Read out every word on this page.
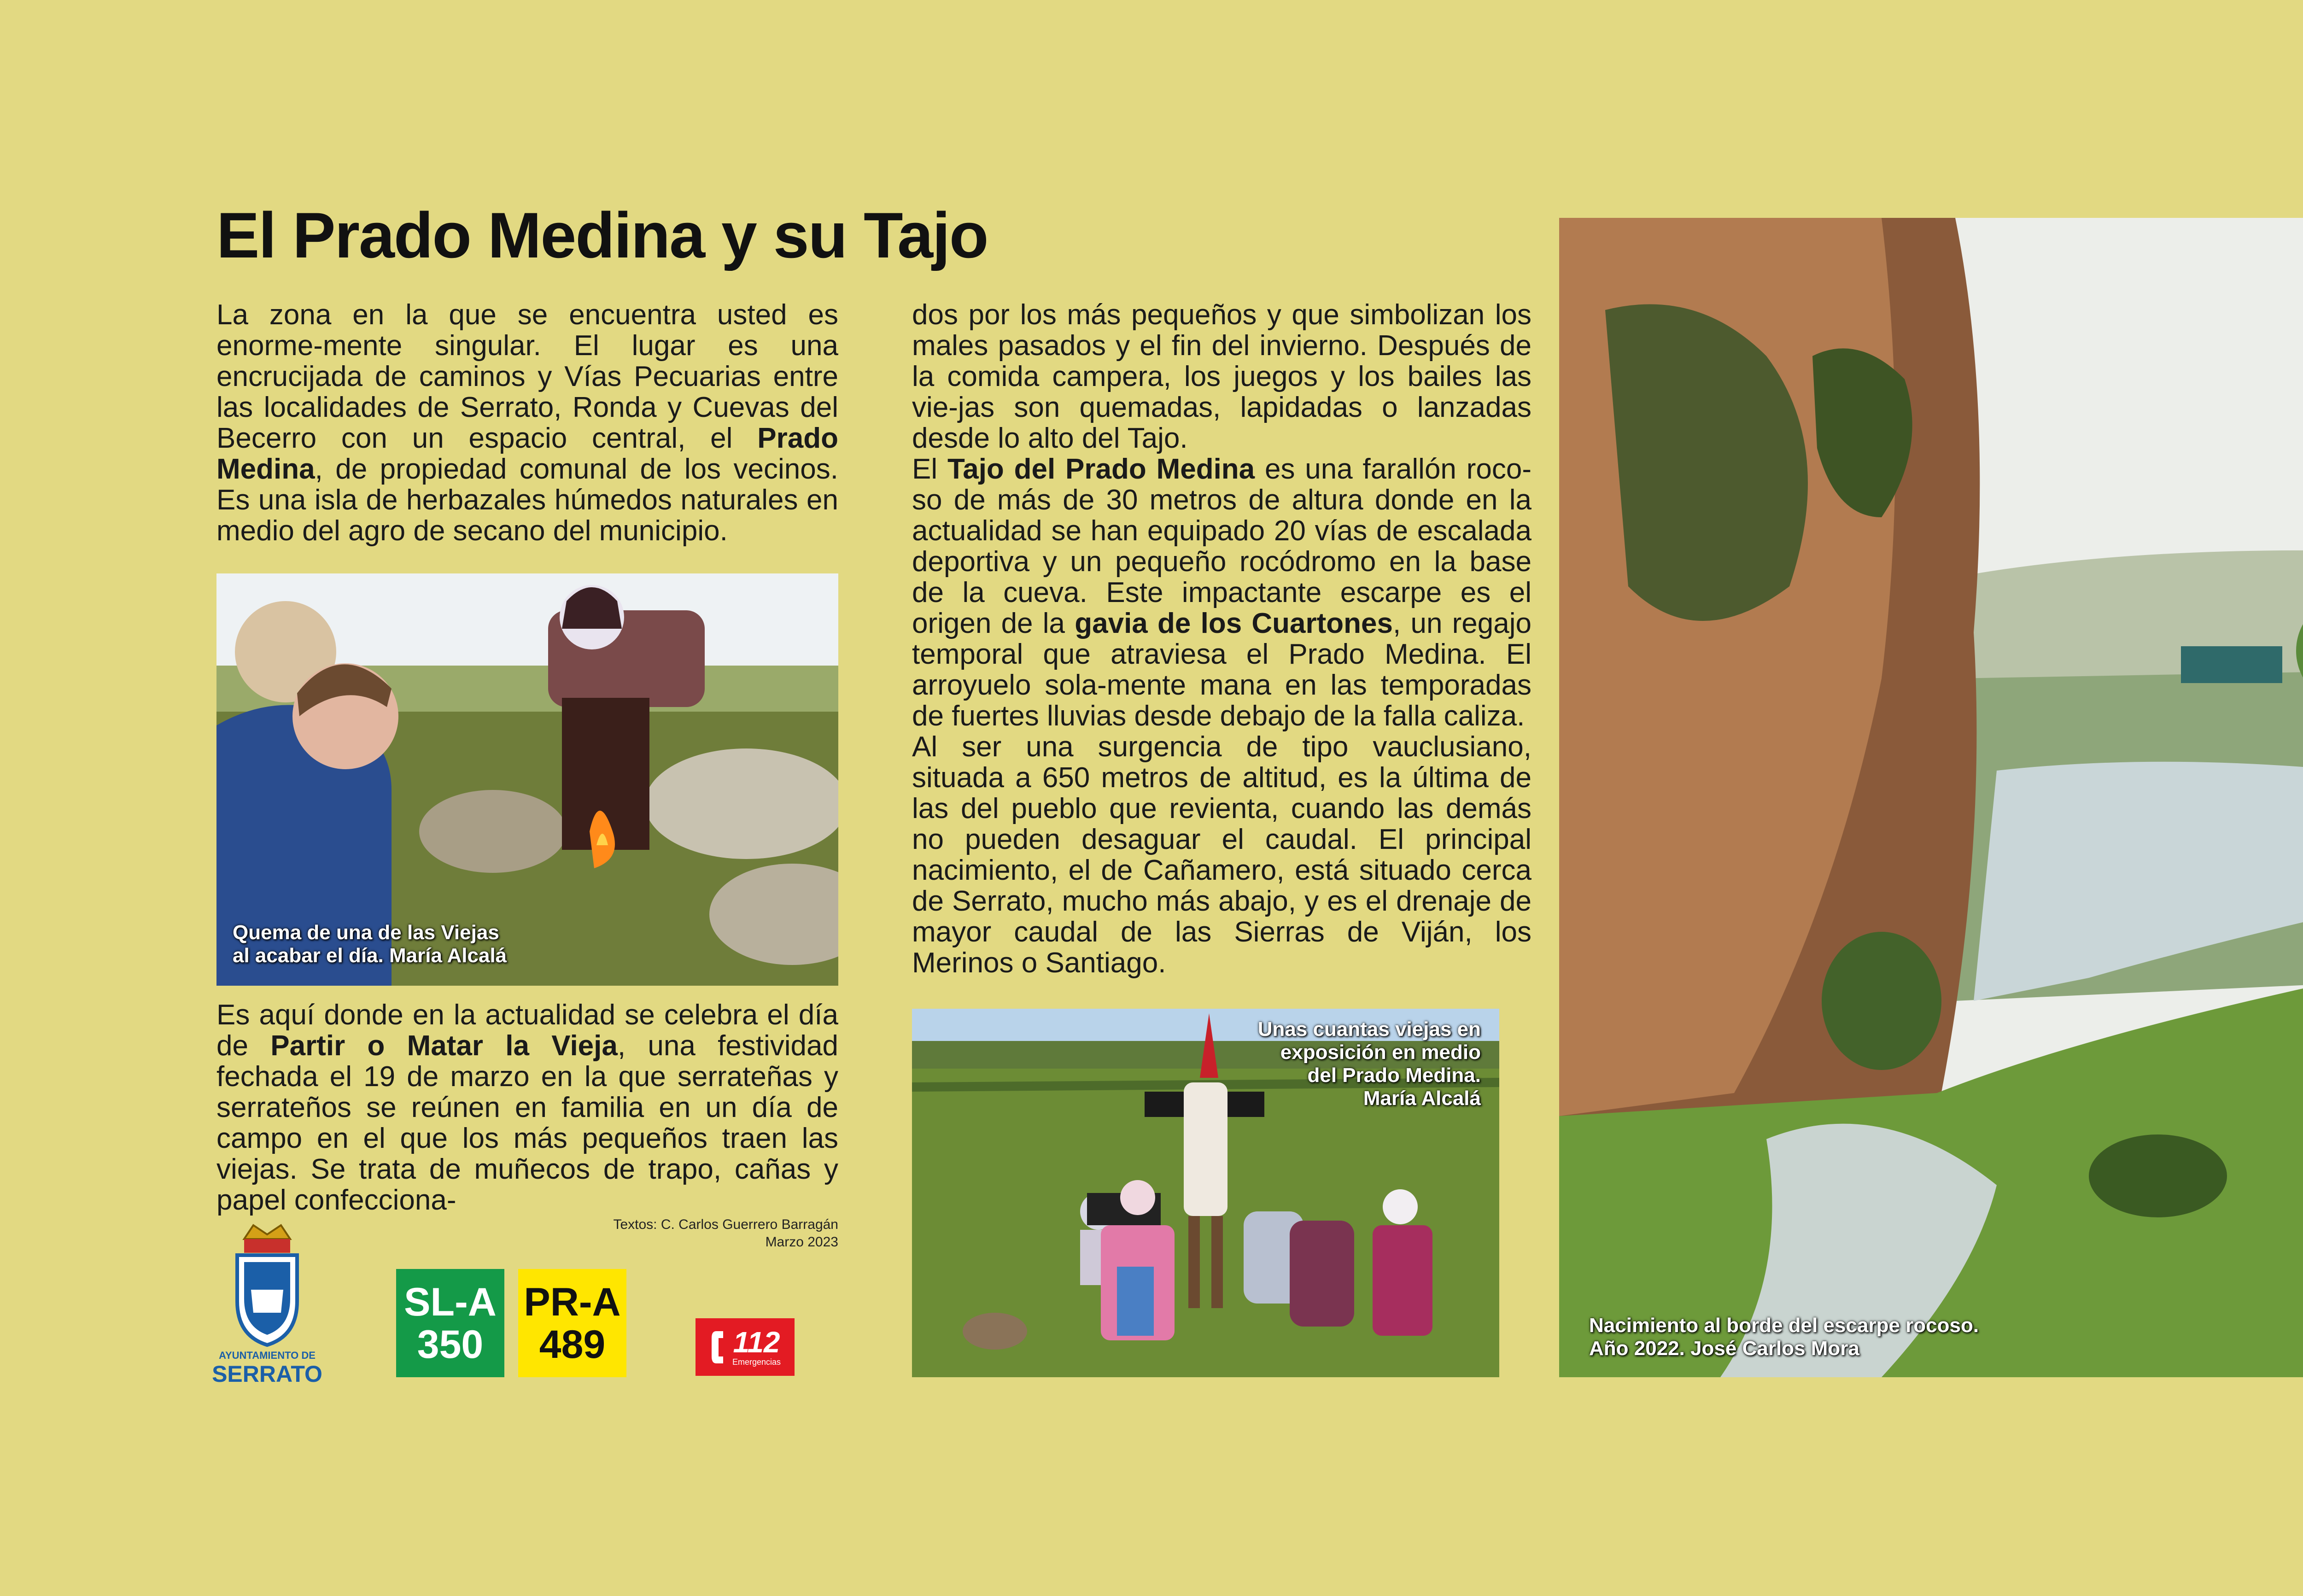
El Prado Medina y su Tajo

La zona en la que se encuentra usted es enorme-mente singular. El lugar es una encrucijada de caminos y Vías Pecuarias entre las localidades de Serrato, Ronda y Cuevas del Becerro con un espacio central, el Prado Medina, de propiedad comunal de los vecinos. Es una isla de herbazales húmedos naturales en medio del agro de secano del municipio.

Quema de una de las Viejas
al acabar el día. María Alcalá

Es aquí donde en la actualidad se celebra el día de Partir o Matar la Vieja, una festividad fechada el 19 de marzo en la que serrateñas y serrateños se reúnen en familia en un día de campo en el que los más pequeños traen las viejas. Se trata de muñecos de trapo, cañas y papel confecciona-

Textos: C. Carlos Guerrero Barragán
Marzo 2023
AYUNTAMIENTO DE
SERRATO
SL-A
350
PR-A
489	112
Emergencias

dos por los más pequeños y que simbolizan los males pasados y el fin del invierno. Después de la comida campera, los juegos y los bailes las vie-jas son quemadas, lapidadas o lanzadas desde lo alto del Tajo.

El Tajo del Prado Medina es una farallón roco-so de más de 30 metros de altura donde en la actualidad se han equipado 20 vías de escalada deportiva y un pequeño rocódromo en la base de la cueva. Este impactante escarpe es el origen de la gavia de los Cuartones, un regajo temporal que atraviesa el Prado Medina. El arroyuelo sola-mente mana en las temporadas de fuertes lluvias desde debajo de la falla caliza.

Al ser una surgencia de tipo vauclusiano, situada a 650 metros de altitud, es la última de las del pueblo que revienta, cuando las demás no pueden desaguar el caudal. El principal nacimiento, el de Cañamero, está situado cerca de Serrato, mucho más abajo, y es el drenaje de mayor caudal de las Sierras de Viján, los Merinos o Santiago.

Unas cuantas viejas en
exposición en medio
del Prado Medina.
María Alcalá
Nacimiento al borde del escarpe rocoso.
Año 2022. José Carlos Mora
